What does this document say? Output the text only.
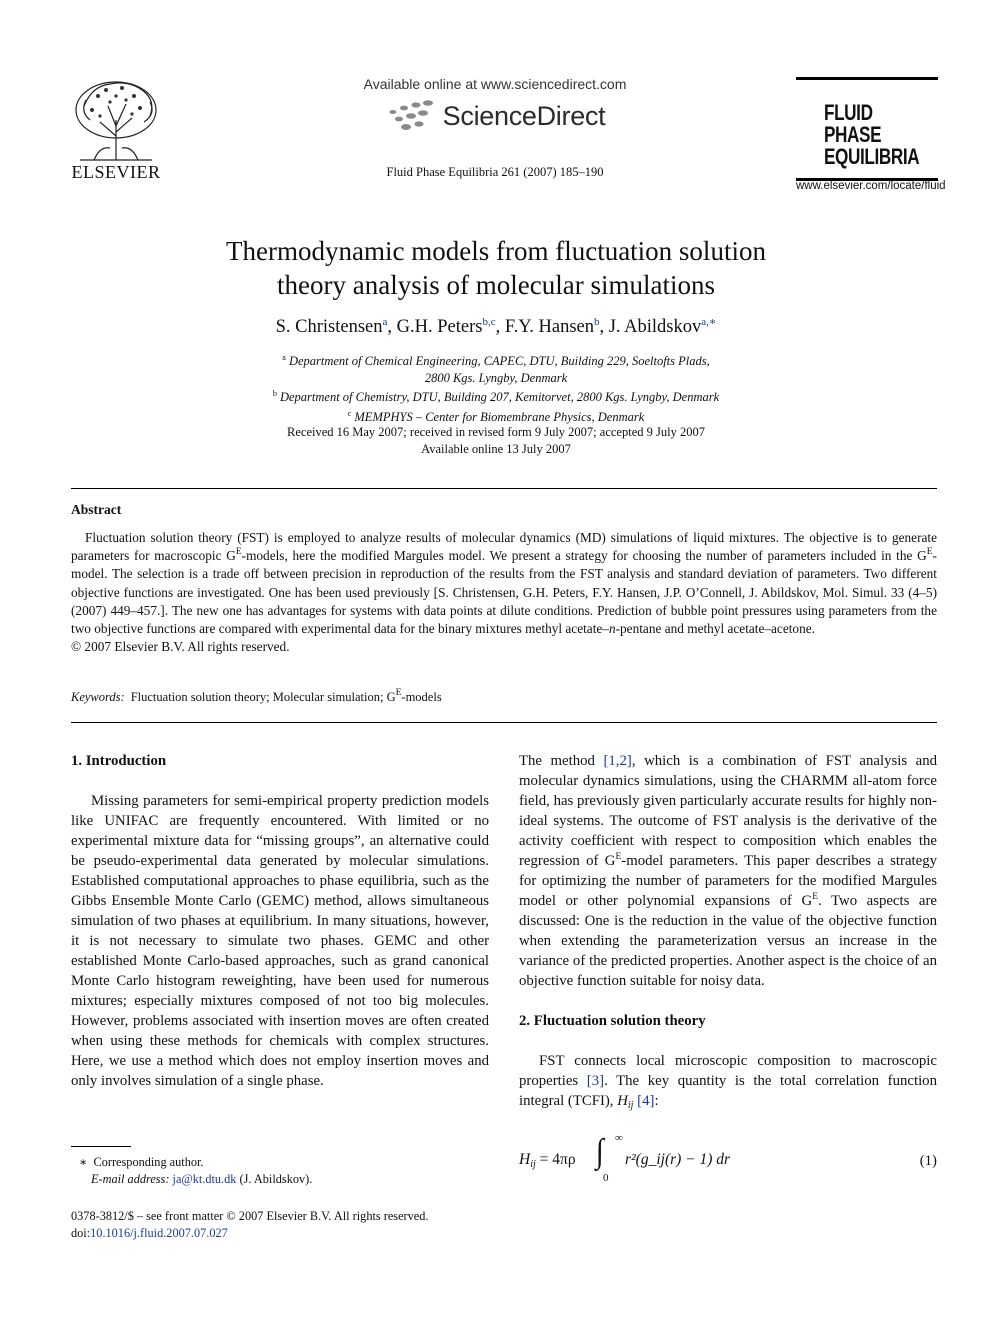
ELSEVIER
Available online at www.sciencedirect.com
ScienceDirect
Fluid Phase Equilibria 261 (2007) 185–190
FLUID PHASE
EQUILIBRIA
www.elsevier.com/locate/fluid
Thermodynamic models from fluctuation solution
theory analysis of molecular simulations
S. Christensen$^a$, G.H. Peters$^{b,c}$, F.Y. Hansen$^b$, J. Abildskov$^{a,∗}$
$^a$ Department of Chemical Engineering, CAPEC, DTU, Building 229, Soeltofts Plads,
2800 Kgs. Lyngby, Denmark
$^b$ Department of Chemistry, DTU, Building 207, Kemitorvet, 2800 Kgs. Lyngby, Denmark
$^c$ MEMPHYS – Center for Biomembrane Physics, Denmark
Received 16 May 2007; received in revised form 9 July 2007; accepted 9 July 2007
Available online 13 July 2007
Abstract

Fluctuation solution theory (FST) is employed to analyze results of molecular dynamics (MD) simulations of liquid mixtures. The objective is to generate parameters for macroscopic $G^E$-models, here the modified Margules model. We present a strategy for choosing the number of parameters included in the $G^E$-model. The selection is a trade off between precision in reproduction of the results from the FST analysis and standard deviation of parameters. Two different objective functions are investigated. One has been used previously [S. Christensen, G.H. Peters, F.Y. Hansen, J.P. O’Connell, J. Abildskov, Mol. Simul. 33 (4–5) (2007) 449–457.]. The new one has advantages for systems with data points at dilute conditions. Prediction of bubble point pressures using parameters from the two objective functions are compared with experimental data for the binary mixtures methyl acetate–n-pentane and methyl acetate–acetone.

© 2007 Elsevier B.V. All rights reserved.

Keywords: Fluctuation solution theory; Molecular simulation; $G^E$-models
1. Introduction

Missing parameters for semi-empirical property prediction models like UNIFAC are frequently encountered. With limited or no experimental mixture data for “missing groups”, an alternative could be pseudo-experimental data generated by molecular simulations. Established computational approaches to phase equilibria, such as the Gibbs Ensemble Monte Carlo (GEMC) method, allows simultaneous simulation of two phases at equilibrium. In many situations, however, it is not necessary to simulate two phases. GEMC and other established Monte Carlo-based approaches, such as grand canonical Monte Carlo histogram reweighting, have been used for numerous mixtures; especially mixtures composed of not too big molecules. However, problems associated with insertion moves are often created when using these methods for chemicals with complex structures. Here, we use a method which does not employ insertion moves and only involves simulation of a single phase.

∗ Corresponding author.
E-mail address: ja@kt.dtu.dk (J. Abildskov).
0378-3812/$ – see front matter © 2007 Elsevier B.V. All rights reserved.
doi:10.1016/j.fluid.2007.07.027

The method [1,2], which is a combination of FST analysis and molecular dynamics simulations, using the CHARMM all-atom force field, has previously given particularly accurate results for highly non-ideal systems. The outcome of FST analysis is the derivative of the activity coefficient with respect to composition which enables the regression of $G^E$-model parameters. This paper describes a strategy for optimizing the number of parameters for the modified Margules model or other polynomial expansions of $G^E$. Two aspects are discussed: One is the reduction in the value of the objective function when extending the parameterization versus an increase in the variance of the predicted properties. Another aspect is the choice of an objective function suitable for noisy data.

2. Fluctuation solution theory

FST connects local microscopic composition to macroscopic properties [3]. The key quantity is the total correlation function integral (TCFI), $H_{ij}$ [4]:

$H_{ij} = 4\pi\rho$ ∫ ∞
0
r²(g_ij(r) − 1) dr	(1)
